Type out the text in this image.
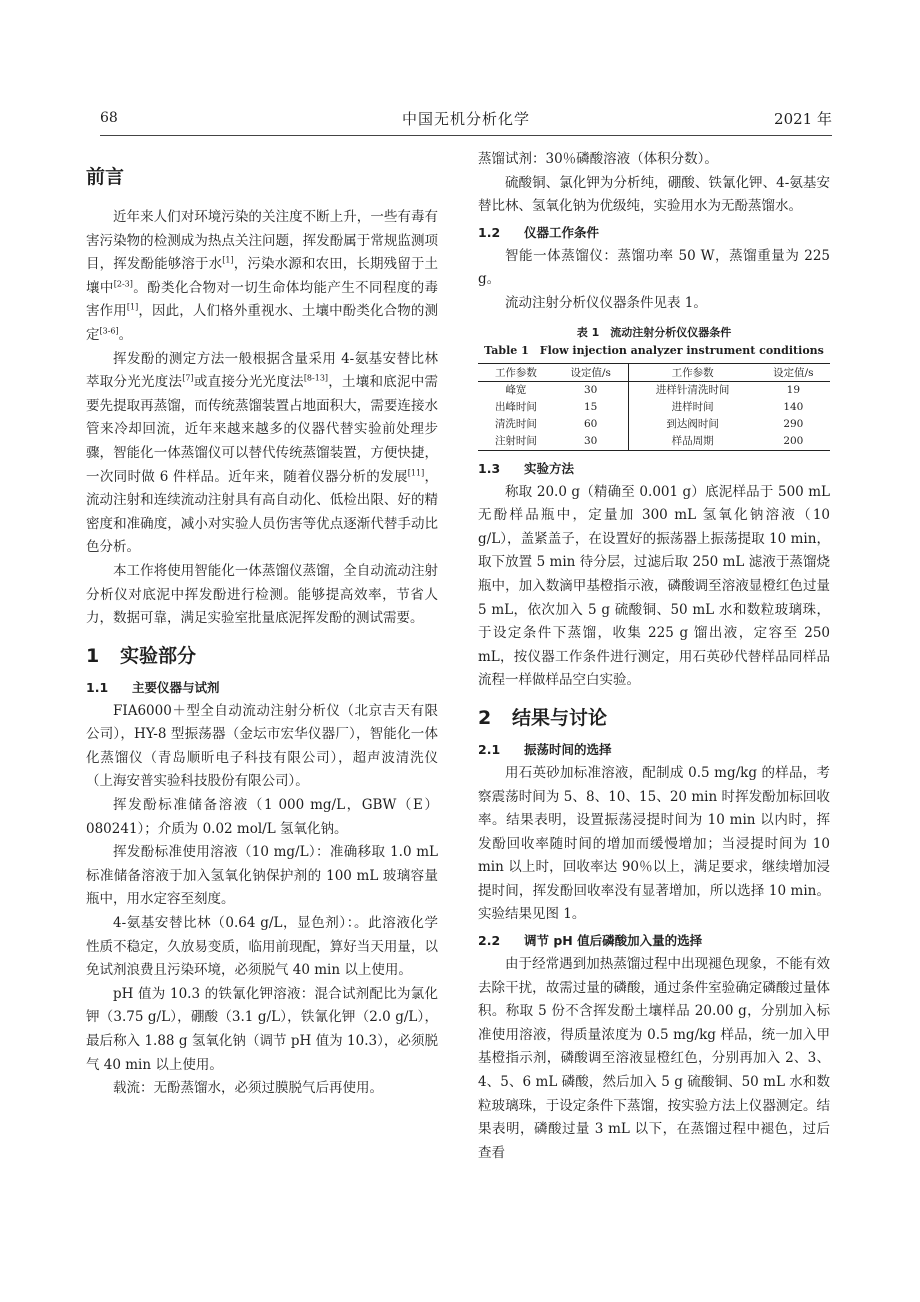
68	中国无机分析化学	2021 年
前言

近年来人们对环境污染的关注度不断上升，一些有毒有害污染物的检测成为热点关注问题，挥发酚属于常规监测项目，挥发酚能够溶于水[1]，污染水源和农田，长期残留于土壤中[2-3]。酚类化合物对一切生命体均能产生不同程度的毒害作用[1]，因此，人们格外重视水、土壤中酚类化合物的测定[3-6]。

挥发酚的测定方法一般根据含量采用 4-氨基安替比林萃取分光光度法[7]或直接分光光度法[8-13]，土壤和底泥中需要先提取再蒸馏，而传统蒸馏装置占地面积大，需要连接水管来冷却回流，近年来越来越多的仪器代替实验前处理步骤，智能化一体蒸馏仪可以替代传统蒸馏装置，方便快捷，一次同时做 6 件样品。近年来，随着仪器分析的发展[11]，流动注射和连续流动注射具有高自动化、低检出限、好的精密度和准确度，减小对实验人员伤害等优点逐渐代替手动比色分析。

本工作将使用智能化一体蒸馏仪蒸馏，全自动流动注射分析仪对底泥中挥发酚进行检测。能够提高效率，节省人力，数据可靠，满足实验室批量底泥挥发酚的测试需要。

1 实验部分
1.1 主要仪器与试剂

FIA6000＋型全自动流动注射分析仪（北京吉天有限公司），HY-8 型振荡器（金坛市宏华仪器厂），智能化一体化蒸馏仪（青岛顺昕电子科技有限公司），超声波清洗仪（上海安普实验科技股份有限公司）。

挥发酚标准储备溶液（1 000 mg/L，GBW（E）080241）；介质为 0.02 mol/L 氢氧化钠。

挥发酚标准使用溶液（10 mg/L）：准确移取 1.0 mL 标准储备溶液于加入氢氧化钠保护剂的 100 mL 玻璃容量瓶中，用水定容至刻度。

4-氨基安替比林（0.64 g/L，显色剂）：。此溶液化学性质不稳定，久放易变质，临用前现配，算好当天用量，以免试剂浪费且污染环境，必须脱气 40 min 以上使用。

pH 值为 10.3 的铁氰化钾溶液：混合试剂配比为氯化钾（3.75 g/L），硼酸（3.1 g/L），铁氰化钾（2.0 g/L），最后称入 1.88 g 氢氧化钠（调节 pH 值为 10.3），必须脱气 40 min 以上使用。

载流：无酚蒸馏水，必须过膜脱气后再使用。

蒸馏试剂：30％磷酸溶液（体积分数）。

硫酸铜、氯化钾为分析纯，硼酸、铁氰化钾、4-氨基安替比林、氢氧化钠为优级纯，实验用水为无酚蒸馏水。

1.2 仪器工作条件

智能一体蒸馏仪：蒸馏功率 50 W，蒸馏重量为 225 g。

流动注射分析仪仪器条件见表 1。

表 1　流动注射分析仪仪器条件
Table 1　Flow injection analyzer instrument conditions
工作参数	设定值/s	工作参数	设定值/s
峰宽	30	进样针清洗时间	19
出峰时间	15	进样时间	140
清洗时间	60	到达阀时间	290
注射时间	30	样品周期	200
1.3 实验方法

称取 20.0 g（精确至 0.001 g）底泥样品于 500 mL 无酚样品瓶中，定量加 300 mL 氢氧化钠溶液（10 g/L），盖紧盖子，在设置好的振荡器上振荡提取 10 min，取下放置 5 min 待分层，过滤后取 250 mL 滤液于蒸馏烧瓶中，加入数滴甲基橙指示液，磷酸调至溶液显橙红色过量 5 mL，依次加入 5 g 硫酸铜、50 mL 水和数粒玻璃珠，于设定条件下蒸馏，收集 225 g 馏出液，定容至 250 mL，按仪器工作条件进行测定，用石英砂代替样品同样品流程一样做样品空白实验。

2 结果与讨论
2.1 振荡时间的选择

用石英砂加标准溶液，配制成 0.5 mg/kg 的样品，考察震荡时间为 5、8、10、15、20 min 时挥发酚加标回收率。结果表明，设置振荡浸提时间为 10 min 以内时，挥发酚回收率随时间的增加而缓慢增加；当浸提时间为 10 min 以上时，回收率达 90％以上，满足要求，继续增加浸提时间，挥发酚回收率没有显著增加，所以选择 10 min。实验结果见图 1。

2.2 调节 pH 值后磷酸加入量的选择

由于经常遇到加热蒸馏过程中出现褪色现象，不能有效去除干扰，故需过量的磷酸，通过条件室验确定磷酸过量体积。称取 5 份不含挥发酚土壤样品 20.00 g，分别加入标准使用溶液，得质量浓度为 0.5 mg/kg 样品，统一加入甲基橙指示剂，磷酸调至溶液显橙红色，分别再加入 2、3、4、5、6 mL 磷酸，然后加入 5 g 硫酸铜、50 mL 水和数粒玻璃珠，于设定条件下蒸馏，按实验方法上仪器测定。结果表明，磷酸过量 3 mL 以下，在蒸馏过程中褪色，过后查看
